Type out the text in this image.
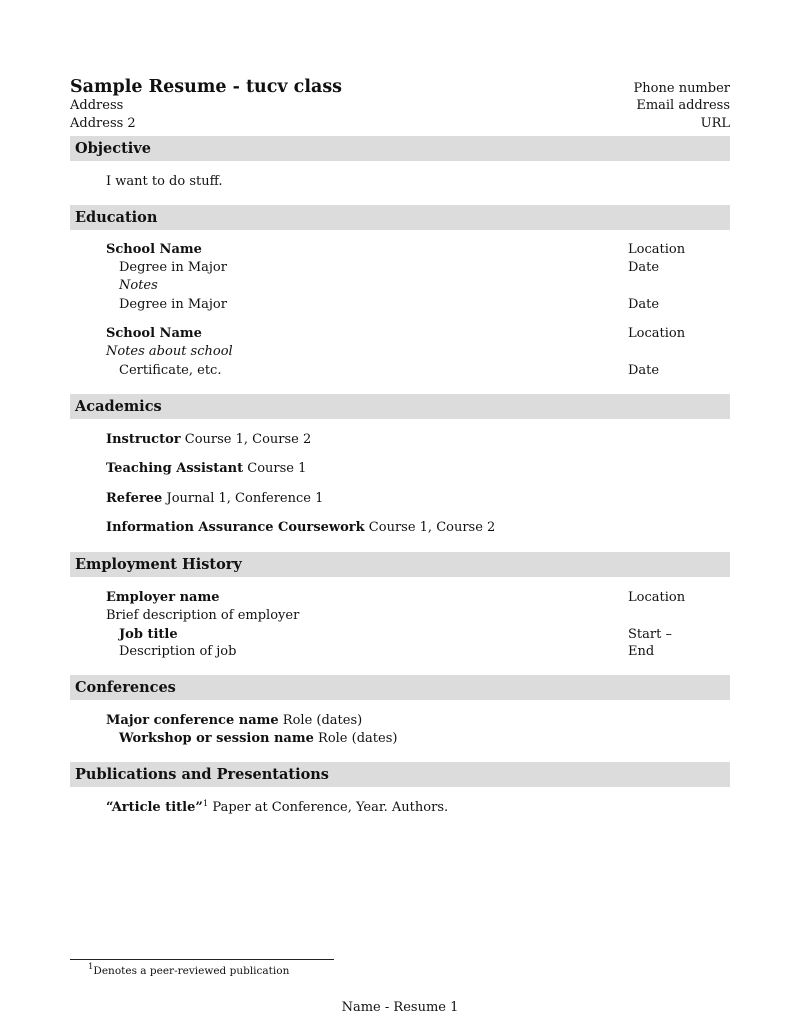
Sample Resume - tucv class
Address
Address 2
Phone number
Email address
URL
Objective
I want to do stuff.
Education
School Name	Location
Degree in Major	Date
Notes
Degree in Major	Date
School Name	Location
Notes about school
Certificate, etc.	Date
Academics
Instructor Course 1, Course 2
Teaching Assistant Course 1
Referee Journal 1, Conference 1
Information Assurance Coursework Course 1, Course 2
Employment History
Employer name	Location
Brief description of employer
Job title	Start –
Description of job	End
Conferences
Major conference name Role (dates)
Workshop or session name Role (dates)
Publications and Presentations
“Article title”$^1$ Paper at Conference, Year. Authors.
$^1$Denotes a peer-reviewed publication
Name - Resume 1
